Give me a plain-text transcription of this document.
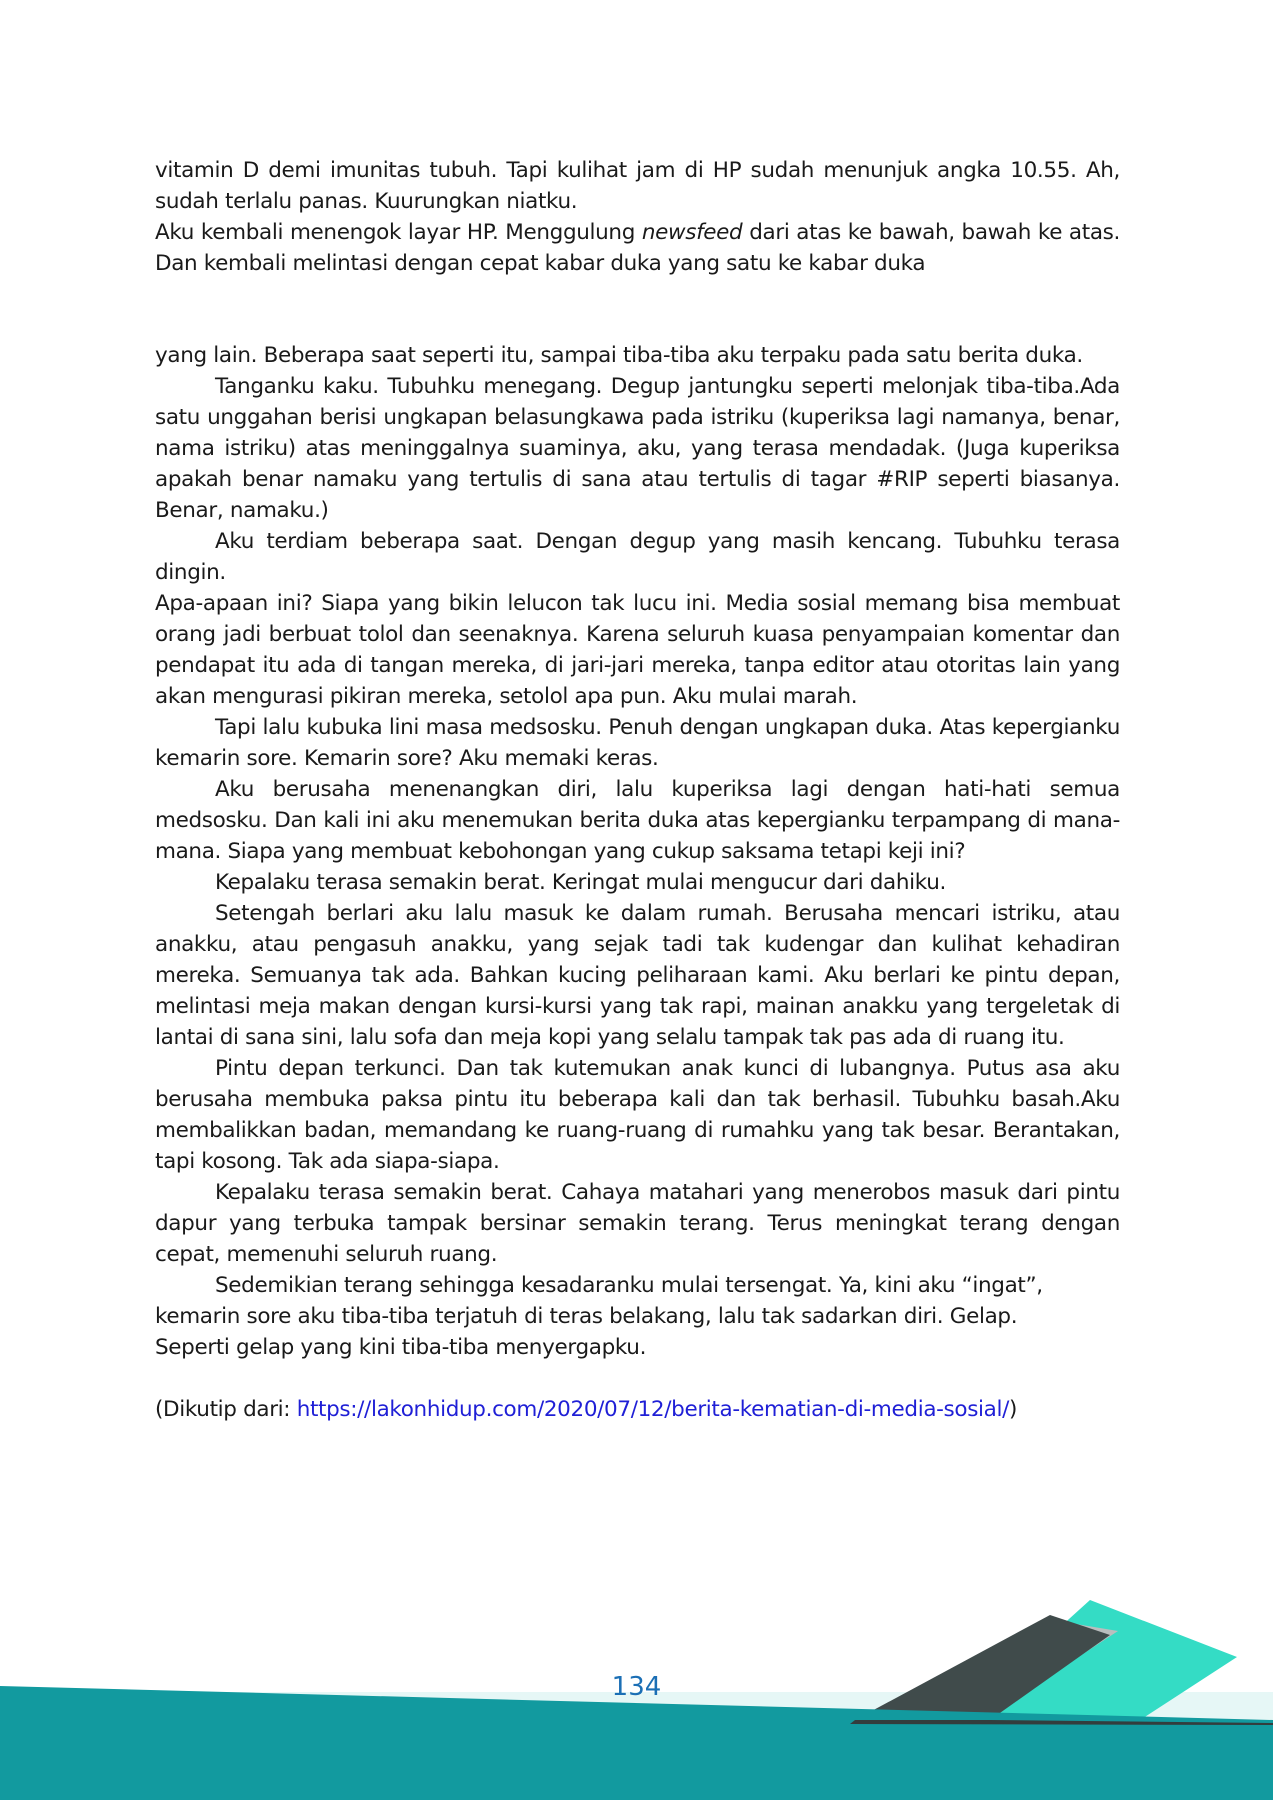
vitamin D demi imunitas tubuh. Tapi kulihat jam di HP sudah menunjuk angka 10.55. Ah, sudah terlalu panas. Kuurungkan niatku.

Aku kembali menengok layar HP. Menggulung newsfeed dari atas ke bawah, bawah ke atas. Dan kembali melintasi dengan cepat kabar duka yang satu ke kabar duka

yang lain. Beberapa saat seperti itu, sampai tiba-tiba aku terpaku pada satu berita duka.

Tanganku kaku. Tubuhku menegang. Degup jantungku seperti melonjak tiba-tiba.Ada satu unggahan berisi ungkapan belasungkawa pada istriku (kuperiksa lagi namanya, benar, nama istriku) atas meninggalnya suaminya, aku, yang terasa mendadak. (Juga kuperiksa apakah benar namaku yang tertulis di sana atau tertulis di tagar #RIP seperti biasanya. Benar, namaku.)

Aku terdiam beberapa saat. Dengan degup yang masih kencang. Tubuhku terasa dingin.

Apa-apaan ini? Siapa yang bikin lelucon tak lucu ini. Media sosial memang bisa membuat orang jadi berbuat tolol dan seenaknya. Karena seluruh kuasa penyampaian komentar dan pendapat itu ada di tangan mereka, di jari-jari mereka, tanpa editor atau otoritas lain yang akan mengurasi pikiran mereka, setolol apa pun. Aku mulai marah.

Tapi lalu kubuka lini masa medsosku. Penuh dengan ungkapan duka. Atas kepergianku kemarin sore. Kemarin sore? Aku memaki keras.

Aku berusaha menenangkan diri, lalu kuperiksa lagi dengan hati-hati semua medsosku. Dan kali ini aku menemukan berita duka atas kepergianku terpampang di mana-mana. Siapa yang membuat kebohongan yang cukup saksama tetapi keji ini?

Kepalaku terasa semakin berat. Keringat mulai mengucur dari dahiku.

Setengah berlari aku lalu masuk ke dalam rumah. Berusaha mencari istriku, atau anakku, atau pengasuh anakku, yang sejak tadi tak kudengar dan kulihat kehadiran mereka. Semuanya tak ada. Bahkan kucing peliharaan kami. Aku berlari ke pintu depan, melintasi meja makan dengan kursi-kursi yang tak rapi, mainan anakku yang tergeletak di lantai di sana sini, lalu sofa dan meja kopi yang selalu tampak tak pas ada di ruang itu.

Pintu depan terkunci. Dan tak kutemukan anak kunci di lubangnya. Putus asa aku berusaha membuka paksa pintu itu beberapa kali dan tak berhasil. Tubuhku basah.Aku membalikkan badan, memandang ke ruang-ruang di rumahku yang tak besar. Berantakan, tapi kosong. Tak ada siapa-siapa.

Kepalaku terasa semakin berat. Cahaya matahari yang menerobos masuk dari pintu dapur yang terbuka tampak bersinar semakin terang. Terus meningkat terang dengan cepat, memenuhi seluruh ruang.

Sedemikian terang sehingga kesadaranku mulai tersengat. Ya, kini aku “ingat”,

kemarin sore aku tiba-tiba terjatuh di teras belakang, lalu tak sadarkan diri. Gelap.

Seperti gelap yang kini tiba-tiba menyergapku.

(Dikutip dari: https://lakonhidup.com/2020/07/12/berita-kematian-di-media-sosial/)

134
